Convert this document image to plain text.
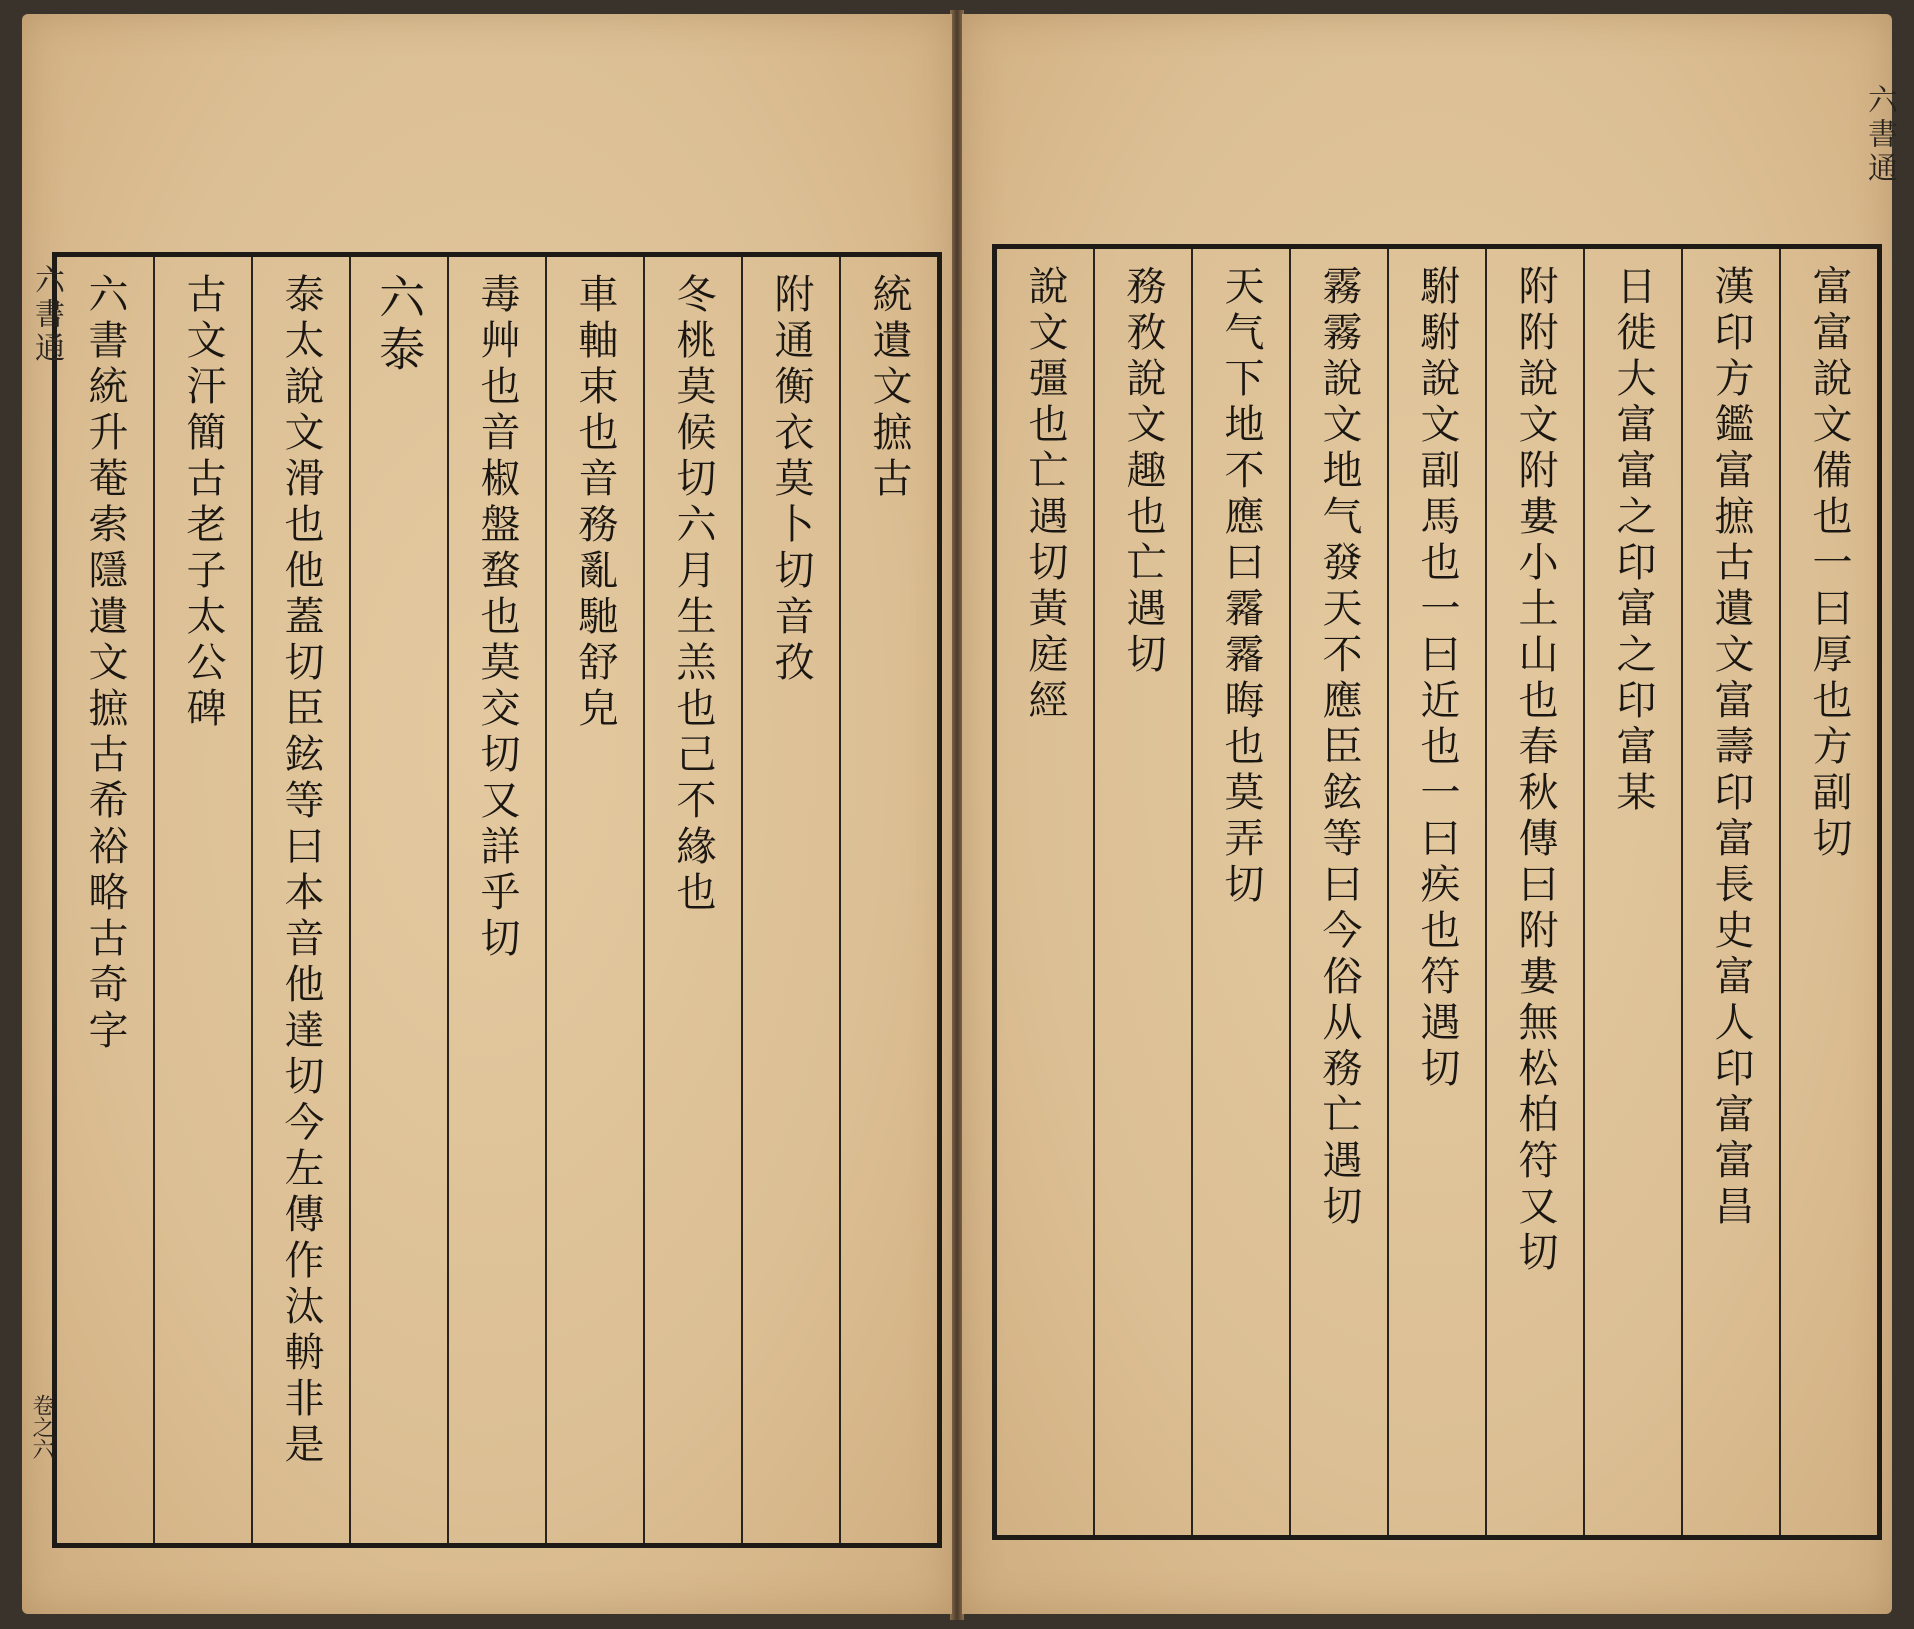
統遺文摭古
附通衡衣莫卜切音孜
冬桃莫候切六月生羔也己不緣也
車軸束也音務亂馳舒皃
毒艸也音椒盤蝥也莫交切又詳乎切
六泰
泰太說文滑也他蓋切臣鉉等曰本音他達切今左傳作汰輈非是
古文汗簡古老子太公碑
六書統升菴索隱遺文摭古希裕略古奇字
六書通
卷之六
富富說文備也一曰厚也方副切
漢印方鑑富摭古遺文富壽印富長史富人印富富昌
日徙大富富之印富之印富某
附附說文附婁小土山也春秋傳曰附婁無松柏符又切
駙駙說文副馬也一曰近也一曰疾也符遇切
霧霧說文地气發天不應臣鉉等曰今俗从務亡遇切
天气下地不應曰霿霿晦也莫弄切
務敄說文趣也亡遇切
說文彊也亡遇切黃庭經
六書通
